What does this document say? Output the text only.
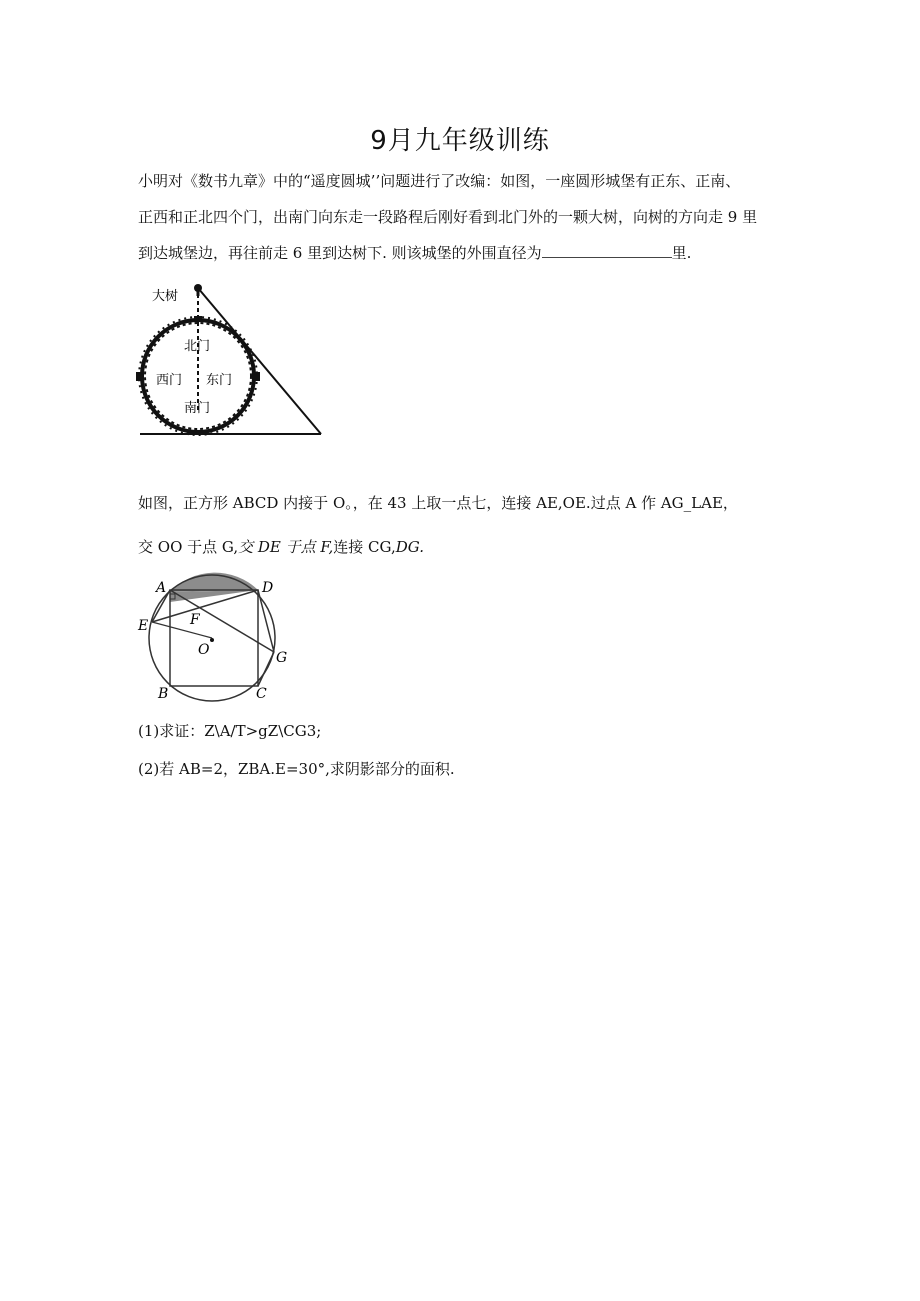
9月九年级训练
小明对《数书九章》中的“遥度圆城’’问题进行了改编：如图，一座圆形城堡有正东、正南、
正西和正北四个门，出南门向东走一段路程后刚好看到北门外的一颗大树，向树的方向走 9 里
到达城堡边，再往前走 6 里到达树下. 则该城堡的外围直径为	里.
大树
北门
西门 东门
南门
如图，正方形 ABCD 内接于 O。，在 43 上取一点七，连接 AE,OE.过点 A 作 AG_LAE，
交 OO 于点 G,交 DE 于点 F,连接 CG,DG.
A	D
E	F
O	G
B	C
(1)求证：Z\A/T>gZ\CG3;
(2)若 AB=2，ZBA.E=30°,求阴影部分的面积.
